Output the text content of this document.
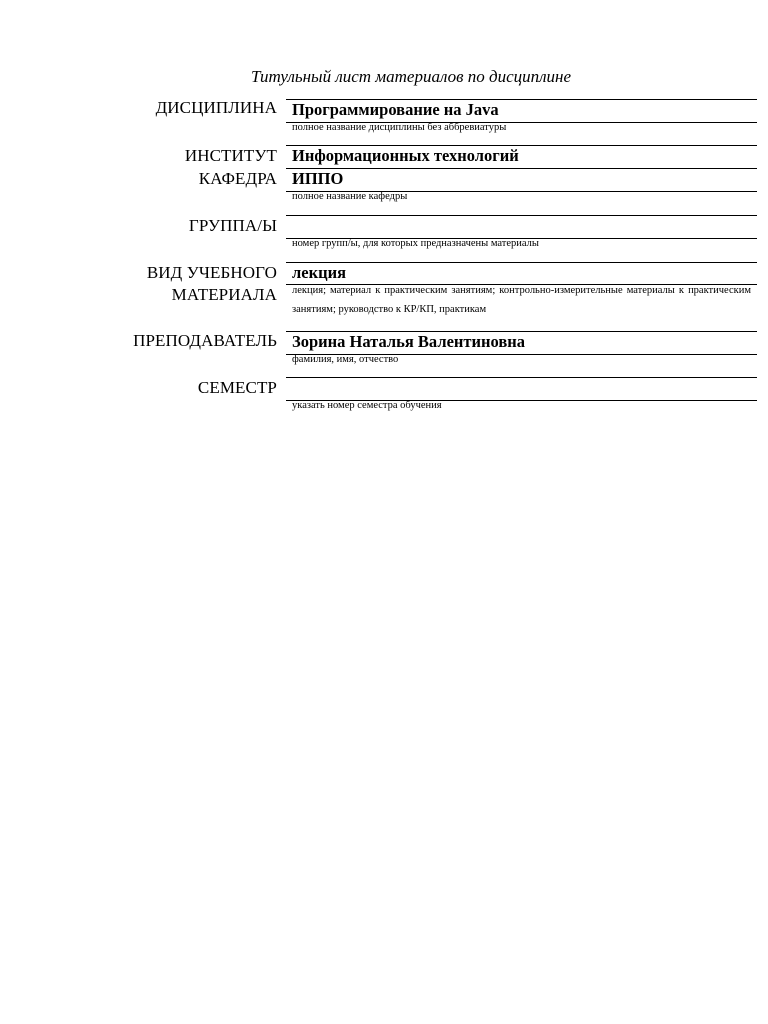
Титульный лист материалов по дисциплине
ДИСЦИПЛИНА Программирование на Java
полное название дисциплины без аббревиатуры
ИНСТИТУТ Информационных технологий
КАФЕДРА ИППО
полное название кафедры
ГРУППА/Ы
номер групп/ы, для которых предназначены материалы
ВИД УЧЕБНОГО
МАТЕРИАЛА
лекция
лекция; материал к практическим занятиям; контрольно-измерительные материалы к практическим занятиям; руководство к КР/КП, практикам
ПРЕПОДАВАТЕЛЬ Зорина Наталья Валентиновна
фамилия, имя, отчество
СЕМЕСТР
указать номер семестра обучения
